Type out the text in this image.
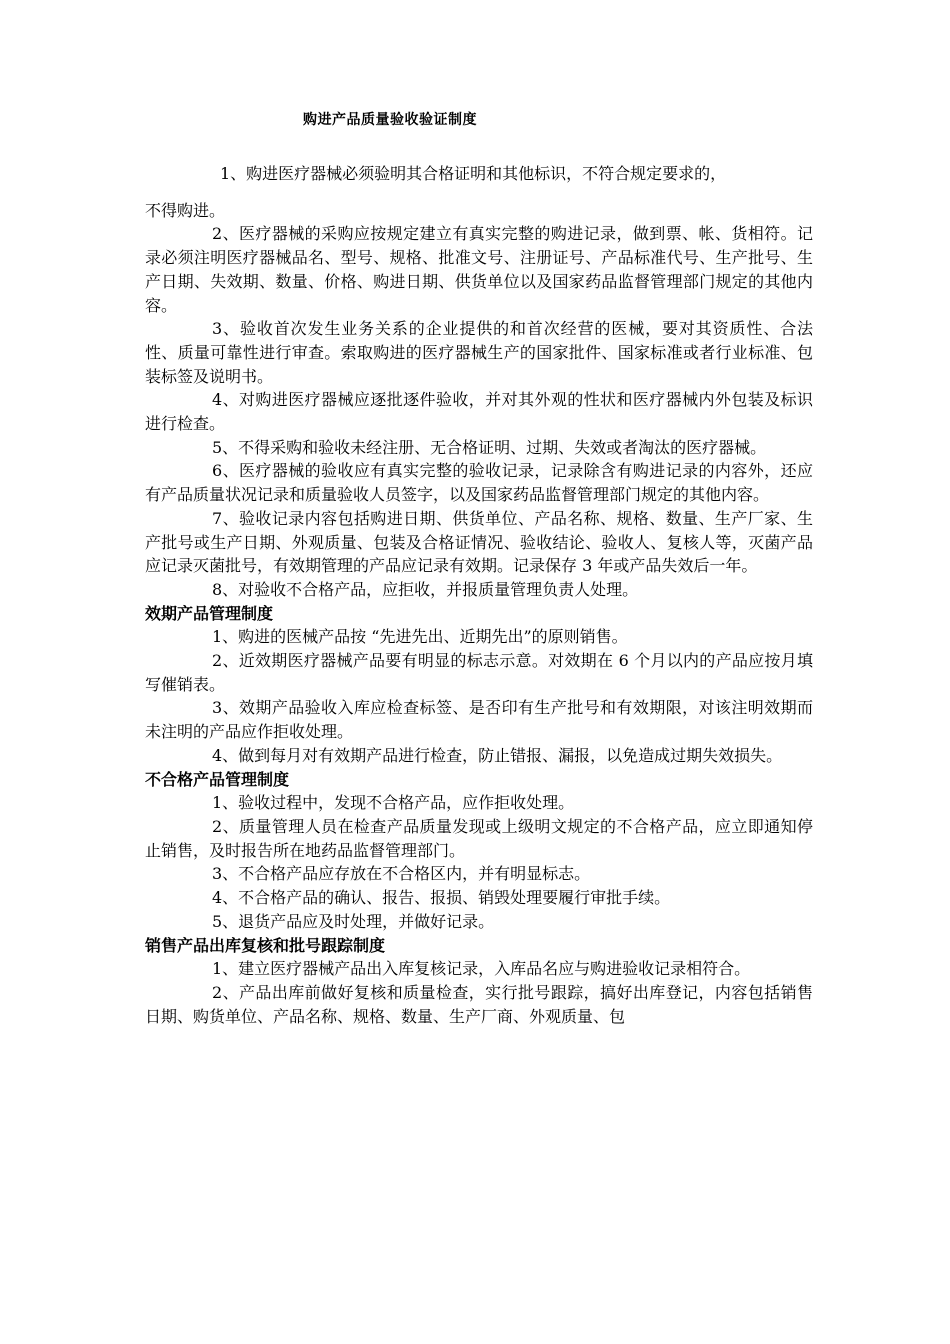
购进产品质量验收验证制度

1、购进医疗器械必须验明其合格证明和其他标识，不符合规定要求的，

不得购进。

2、医疗器械的采购应按规定建立有真实完整的购进记录，做到票、帐、货相符。记录必须注明医疗器械品名、型号、规格、批准文号、注册证号、产品标准代号、生产批号、生产日期、失效期、数量、价格、购进日期、供货单位以及国家药品监督管理部门规定的其他内容。

3、验收首次发生业务关系的企业提供的和首次经营的医械，要对其资质性、合法性、质量可靠性进行审查。索取购进的医疗器械生产的国家批件、国家标准或者行业标准、包装标签及说明书。

4、对购进医疗器械应逐批逐件验收，并对其外观的性状和医疗器械内外包装及标识进行检查。

5、不得采购和验收未经注册、无合格证明、过期、失效或者淘汰的医疗器械。

6、医疗器械的验收应有真实完整的验收记录，记录除含有购进记录的内容外，还应有产品质量状况记录和质量验收人员签字，以及国家药品监督管理部门规定的其他内容。

7、验收记录内容包括购进日期、供货单位、产品名称、规格、数量、生产厂家、生产批号或生产日期、外观质量、包装及合格证情况、验收结论、验收人、复核人等，灭菌产品应记录灭菌批号，有效期管理的产品应记录有效期。记录保存 3 年或产品失效后一年。

8、对验收不合格产品，应拒收，并报质量管理负责人处理。

效期产品管理制度

1、购进的医械产品按 “先进先出、近期先出”的原则销售。

2、近效期医疗器械产品要有明显的标志示意。对效期在 6 个月以内的产品应按月填写催销表。

3、效期产品验收入库应检查标签、是否印有生产批号和有效期限，对该注明效期而未注明的产品应作拒收处理。

4、做到每月对有效期产品进行检查，防止错报、漏报，以免造成过期失效损失。

不合格产品管理制度

1、验收过程中，发现不合格产品，应作拒收处理。

2、质量管理人员在检查产品质量发现或上级明文规定的不合格产品，应立即通知停止销售，及时报告所在地药品监督管理部门。

3、不合格产品应存放在不合格区内，并有明显标志。

4、不合格产品的确认、报告、报损、销毁处理要履行审批手续。

5、退货产品应及时处理，并做好记录。

销售产品出库复核和批号跟踪制度

1、建立医疗器械产品出入库复核记录，入库品名应与购进验收记录相符合。

2、产品出库前做好复核和质量检查，实行批号跟踪，搞好出库登记，内容包括销售日期、购货单位、产品名称、规格、数量、生产厂商、外观质量、包
